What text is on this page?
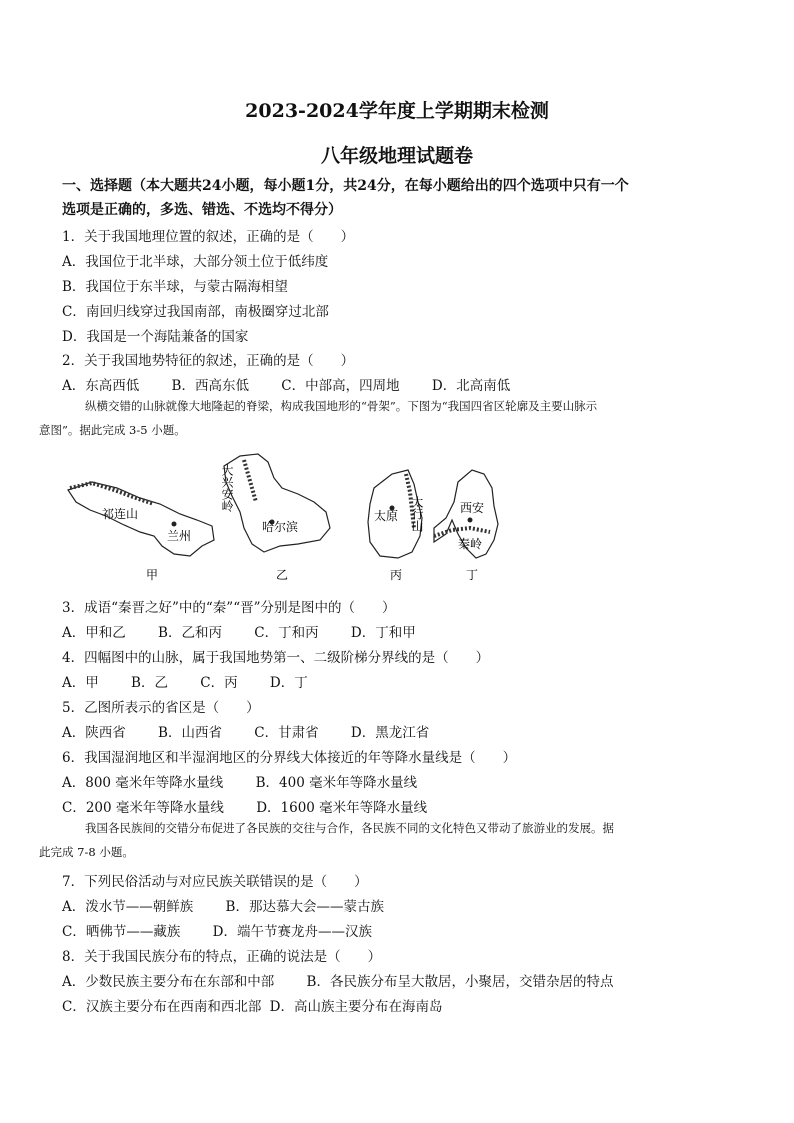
2023-2024学年度上学期期末检测
八年级地理试题卷
一、选择题（本大题共24小题，每小题1分，共24分，在每小题给出的四个选项中只有一个
选项是正确的，多选、错选、不选均不得分）
1．关于我国地理位置的叙述，正确的是（　　）
A．我国位于北半球，大部分领土位于低纬度
B．我国位于东半球，与蒙古隔海相望
C．南回归线穿过我国南部，南极圈穿过北部
D．我国是一个海陆兼备的国家
2．关于我国地势特征的叙述，正确的是（　　）
A．东高西低 B．西高东低 C．中部高，四周地 D．北高南低
纵横交错的山脉就像大地隆起的脊梁，构成我国地形的“骨架”。下图为“我国四省区轮廓及主要山脉示
意图”。据此完成 3-5 小题。
祁连山
兰州
甲
大兴安岭
哈尔滨
乙
太原 太行山
丙
西安
秦岭
丁
3．成语“秦晋之好”中的“秦”“晋”分别是图中的（　　）
A．甲和乙 B．乙和丙 C．丁和丙 D．丁和甲
4．四幅图中的山脉，属于我国地势第一、二级阶梯分界线的是（　　）
A．甲 B．乙 C．丙 D．丁
5．乙图所表示的省区是（　　）
A．陕西省 B．山西省 C．甘肃省 D．黑龙江省
6．我国湿润地区和半湿润地区的分界线大体接近的年等降水量线是（　　）
A．800 毫米年等降水量线 B．400 毫米年等降水量线
C．200 毫米年等降水量线 D．1600 毫米年等降水量线
我国各民族间的交错分布促进了各民族的交往与合作，各民族不同的文化特色又带动了旅游业的发展。据
此完成 7-8 小题。
7．下列民俗活动与对应民族关联错误的是（　　）
A．泼水节——朝鲜族 B．那达慕大会——蒙古族
C．晒佛节——藏族 D．端午节赛龙舟——汉族
8．关于我国民族分布的特点，正确的说法是（　　）
A．少数民族主要分布在东部和中部 B．各民族分布呈大散居，小聚居，交错杂居的特点
C．汉族主要分布在西南和西北部 D．高山族主要分布在海南岛
